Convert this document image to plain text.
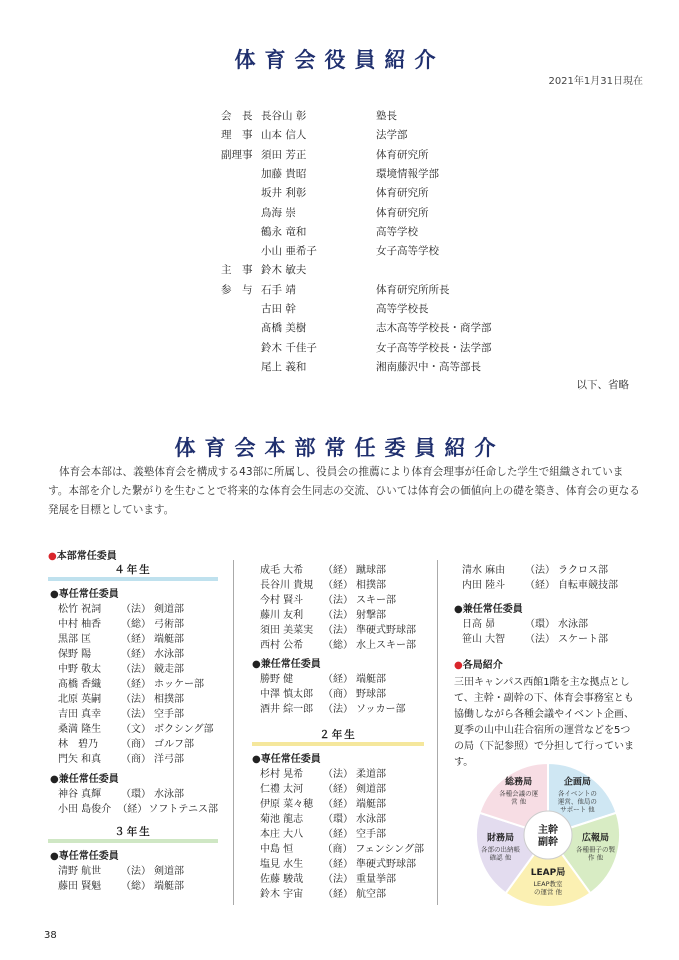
体育会役員紹介
2021年1月31日現在
会　長 長谷山 彰	塾長
理　事 山本 信人	法学部
副理事 須田 芳正	体育研究所
加藤 貴昭	環境情報学部
坂井 利彰	体育研究所
鳥海 崇	体育研究所
鶴永 竜和	高等学校
小山 亜希子	女子高等学校
主　事 鈴木 敏夫
参　与 石手 靖	体育研究所所長
古田 幹	高等学校長
髙橋 美樹	志木高等学校長・商学部
鈴木 千佳子	女子高等学校長・法学部
尾上 義和	湘南藤沢中・高等部長
以下、省略
体育会本部常任委員紹介
体育会本部は、義塾体育会を構成する43部に所属し、役員会の推薦により体育会理事が任命した学生で組織されています。本部を介した繋がりを生むことで将来的な体育会生同志の交流、ひいては体育会の価値向上の礎を築き、体育会の更なる発展を目標としています。
●本部常任委員
４年生
●専任常任委員
松竹 祝詞	（法） 剣道部
中村 柚香	（総） 弓術部
黒部 匡	（経） 端艇部
保野 陽	（経） 水泳部
中野 敬太	（法） 競走部
髙橋 香織	（経） ホッケー部
北原 英嗣	（法） 相撲部
吉田 真幸	（法） 空手部
桑満 隆生	（文） ボクシング部
林　碧乃	（商） ゴルフ部
門矢 和真	（商） 洋弓部
●兼任常任委員
神谷 真輝	（環） 水泳部
小田 島俊介 （経） ソフトテニス部
３年生
●専任常任委員
清野 航世	（法） 剣道部
藤田 賢魁	（総） 端艇部
成毛 大希	（経） 蹴球部
長谷川 貴規 （経） 相撲部
今村 賢斗	（法） スキー部
藤川 友利	（法） 射撃部
須田 美菜実 （法） 準硬式野球部
西村 公希	（総） 水上スキー部
●兼任常任委員
勝野 健	（経） 端艇部
中澤 慎太郎 （商） 野球部
酒井 綜一郎 （法） ソッカー部
２年生
●専任常任委員
杉村 晃希	（法） 柔道部
仁禮 太河	（経） 剣道部
伊原 菜々穂 （経） 端艇部
菊池 龍志	（環） 水泳部
本庄 大八	（経） 空手部
中島 恒	（商） フェンシング部
塩見 水生	（経） 準硬式野球部
佐藤 駿哉	（法） 重量挙部
鈴木 宇宙	（経） 航空部
清水 麻由	（法） ラクロス部
内田 陸斗	（経） 自転車競技部
●兼任常任委員
日高 昴	（環） 水泳部
笹山 大智	（法） スケート部
●各局紹介
三田キャンパス西館1階を主な拠点として、主幹・副幹の下、体育会事務室とも協働しながら各種会議やイベント企画、夏季の山中山荘合宿所の運営などを5つの局（下記参照）で分担して行っています。
企画局
各イベントの
運営、他局の
サポート 他
広報局
各種冊子の製
作 他
LEAP局
LEAP教室
の運営 他
財務局
各部の出納帳
確認 他
総務局
各種会議の運
営 他
主幹
副幹
38
